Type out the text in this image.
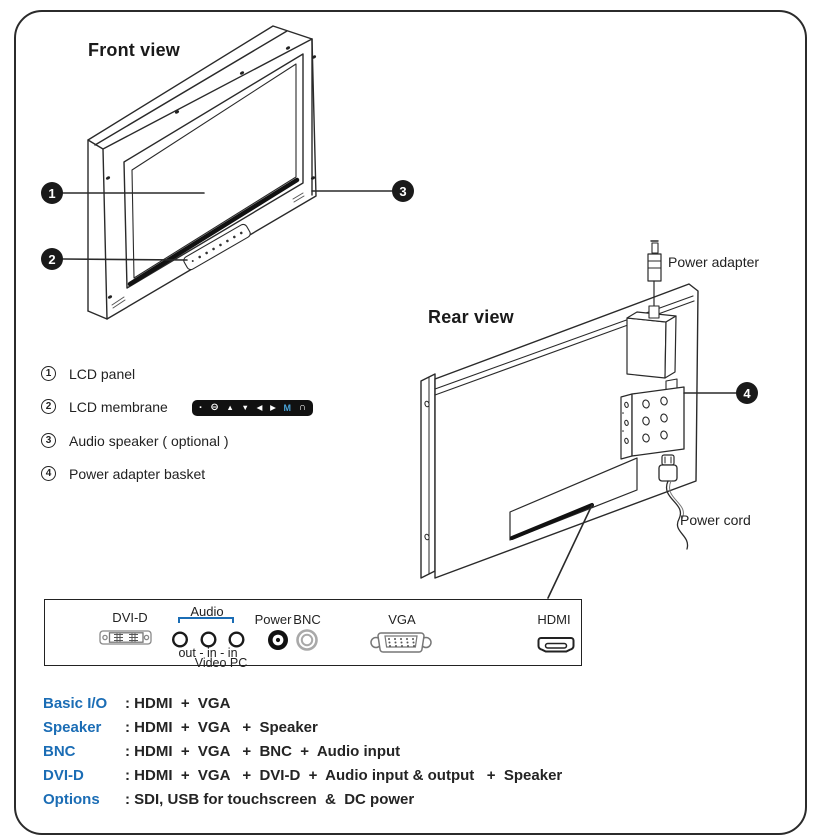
Front view
Rear view
Power adapter
Power cord
1
2
3
4
1	LCD panel
2	LCD membrane	· ⊖ ▲ ▼ ◀ ▶ M ∩
3	Audio speaker ( optional )
4	Power adapter basket
DVI-D	Audio
Power BNC	VGA	HDMI
out - in - in
Video PC
Basic I/O	: HDMI  +  VGA
Speaker	: HDMI  +  VGA   +  Speaker
BNC	: HDMI  +  VGA   +  BNC  +  Audio input
DVI-D	: HDMI  +  VGA   +  DVI-D  +  Audio input & output   +  Speaker
Options	: SDI, USB for touchscreen  &  DC power
